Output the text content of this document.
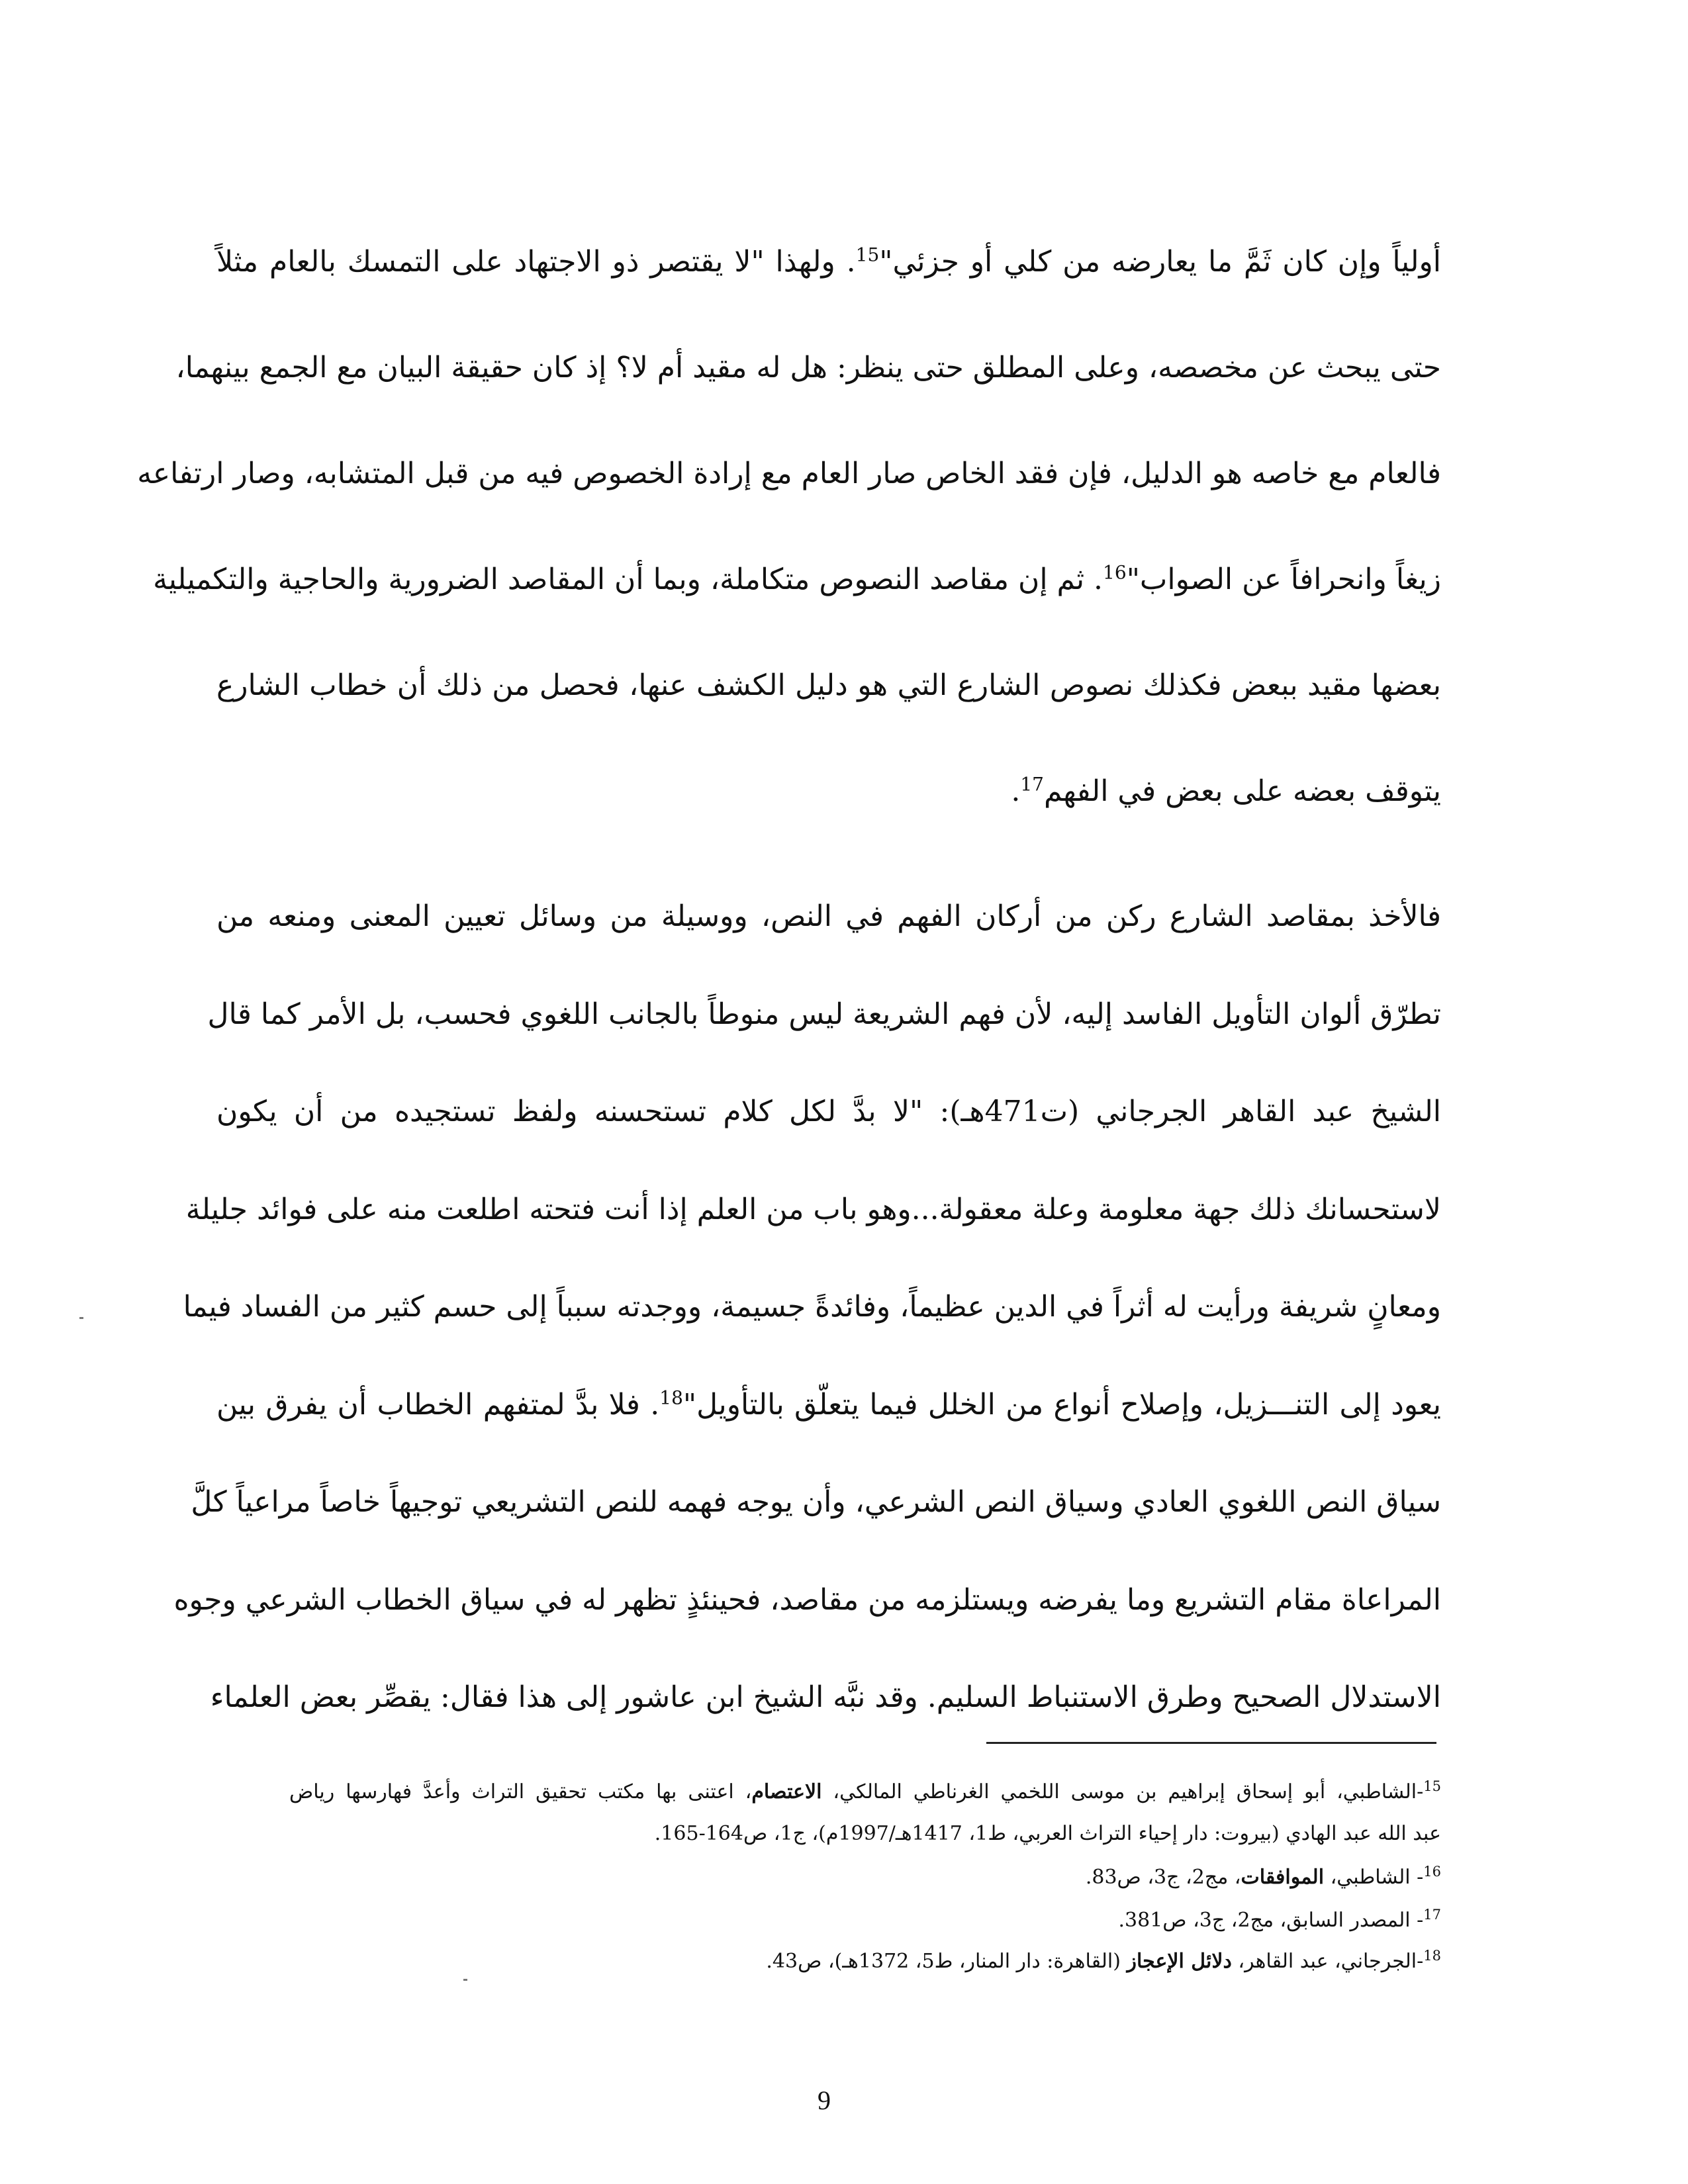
أولياً وإن كان ثَمَّ ما يعارضه من كلي أو جزئي"$^{15}$. ولهذا "لا يقتصر ذو الاجتهاد على التمسك بالعام مثلاً
حتى يبحث عن مخصصه، وعلى المطلق حتى ينظر: هل له مقيد أم لا؟ إذ كان حقيقة البيان مع الجمع بينهما،
فالعام مع خاصه هو الدليل، فإن فقد الخاص صار العام مع إرادة الخصوص فيه من قبل المتشابه، وصار ارتفاعه
زيغاً وانحرافاً عن الصواب"$^{16}$. ثم إن مقاصد النصوص متكاملة، وبما أن المقاصد الضرورية والحاجية والتكميلية
بعضها مقيد ببعض فكذلك نصوص الشارع التي هو دليل الكشف عنها، فحصل من ذلك أن خطاب الشارع
يتوقف بعضه على بعض في الفهم$^{17}$.
فالأخذ بمقاصد الشارع ركن من أركان الفهم في النص، ووسيلة من وسائل تعيين المعنى ومنعه من
تطرّق ألوان التأويل الفاسد إليه، لأن فهم الشريعة ليس منوطاً بالجانب اللغوي فحسب، بل الأمر كما قال
الشيخ عبد القاهر الجرجاني (ت471هـ): "لا بدَّ لكل كلام تستحسنه ولفظ تستجيده من أن يكون
لاستحسانك ذلك جهة معلومة وعلة معقولة...وهو باب من العلم إذا أنت فتحته اطلعت منه على فوائد جليلة
ومعانٍ شريفة ورأيت له أثراً في الدين عظيماً، وفائدةً جسيمة، ووجدته سبباً إلى حسم كثير من الفساد فيما
يعود إلى التنـــزيل، وإصلاح أنواع من الخلل فيما يتعلّق بالتأويل"$^{18}$. فلا بدَّ لمتفهم الخطاب أن يفرق بين
سياق النص اللغوي العادي وسياق النص الشرعي، وأن يوجه فهمه للنص التشريعي توجيهاً خاصاً مراعياً كلَّ
المراعاة مقام التشريع وما يفرضه ويستلزمه من مقاصد، فحينئذٍ تظهر له في سياق الخطاب الشرعي وجوه
الاستدلال الصحيح وطرق الاستنباط السليم. وقد نبَّه الشيخ ابن عاشور إلى هذا فقال: يقصِّر بعض العلماء
$^{15}$-الشاطبي، أبو إسحاق إبراهيم بن موسى اللخمي الغرناطي المالكي، الاعتصام، اعتنى بها مكتب تحقيق التراث وأعدَّ فهارسها رياض
عبد الله عبد الهادي (بيروت: دار إحياء التراث العربي، ط1، 1417هـ/1997م)، ج1، ص164-165.
$^{16}$- الشاطبي، الموافقات، مج2، ج3، ص83.
$^{17}$- المصدر السابق، مج2، ج3، ص381.
$^{18}$-الجرجاني، عبد القاهر، دلائل الإعجاز (القاهرة: دار المنار، ط5، 1372هـ)، ص43.
9
